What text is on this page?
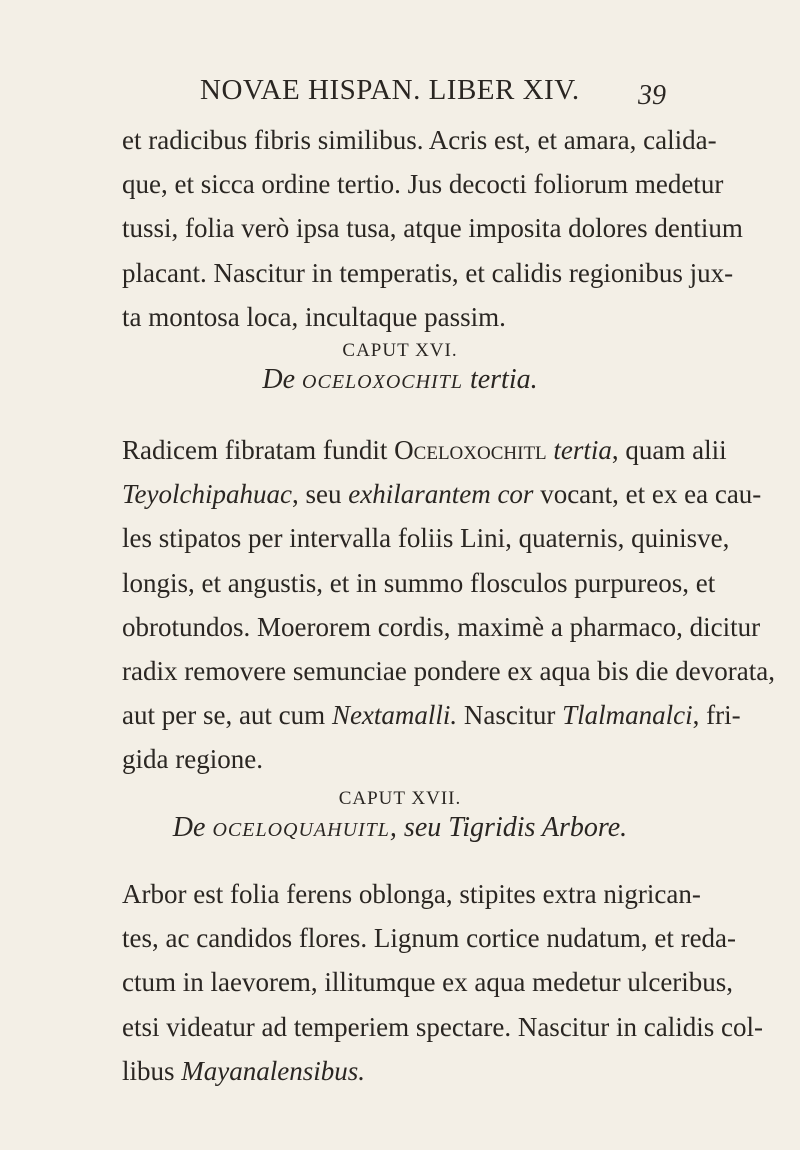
NOVAE HISPAN. LIBER XIV. 39
et radicibus fibris similibus. Acris est, et amara, calida-
que, et sicca ordine tertio. Jus decocti foliorum medetur
tussi, folia verò ipsa tusa, atque imposita dolores dentium
placant. Nascitur in temperatis, et calidis regionibus jux-
ta montosa loca, incultaque passim.
CAPUT XVI.
De oceloxochitl tertia.
Radicem fibratam fundit Oceloxochitl tertia, quam alii
Teyolchipahuac, seu exhilarantem cor vocant, et ex ea cau-
les stipatos per intervalla foliis Lini, quaternis, quinisve,
longis, et angustis, et in summo flosculos purpureos, et
obrotundos. Moerorem cordis, maximè a pharmaco, dicitur
radix removere semunciae pondere ex aqua bis die devorata,
aut per se, aut cum Nextamalli. Nascitur Tlalmanalci, fri-
gida regione.
CAPUT XVII.
De oceloquahuitl, seu Tigridis Arbore.
Arbor est folia ferens oblonga, stipites extra nigrican-
tes, ac candidos flores. Lignum cortice nudatum, et reda-
ctum in laevorem, illitumque ex aqua medetur ulceribus,
etsi videatur ad temperiem spectare. Nascitur in calidis col-
libus Mayanalensibus.
